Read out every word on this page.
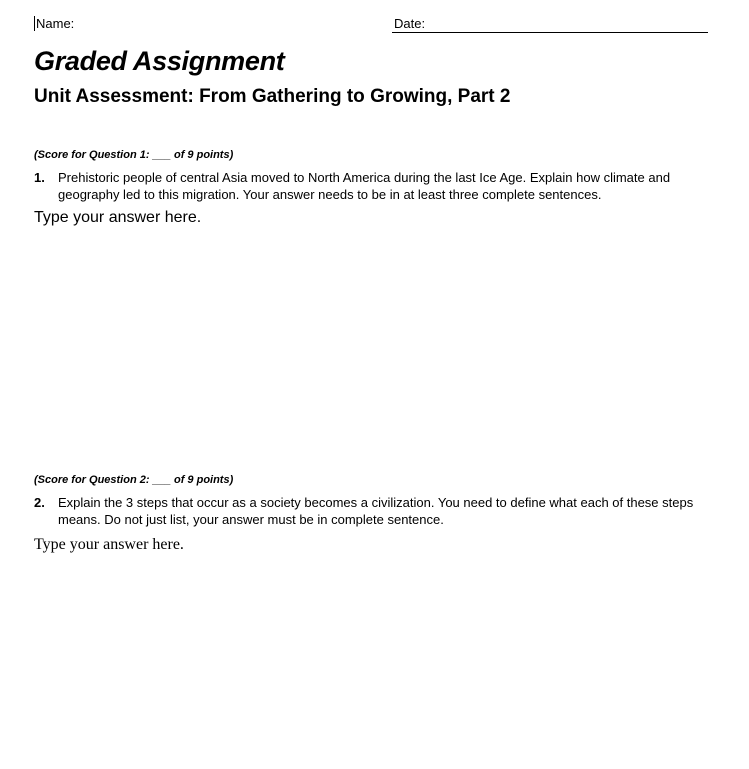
Name:	Date:
Graded Assignment
Unit Assessment: From Gathering to Growing, Part 2
(Score for Question 1: ___ of 9 points)
1. Prehistoric people of central Asia moved to North America during the last Ice Age. Explain how climate and geography led to this migration. Your answer needs to be in at least three complete sentences.
Type your answer here.
(Score for Question 2: ___ of 9 points)
2. Explain the 3 steps that occur as a society becomes a civilization. You need to define what each of these steps means. Do not just list, your answer must be in complete sentence.
Type your answer here.
